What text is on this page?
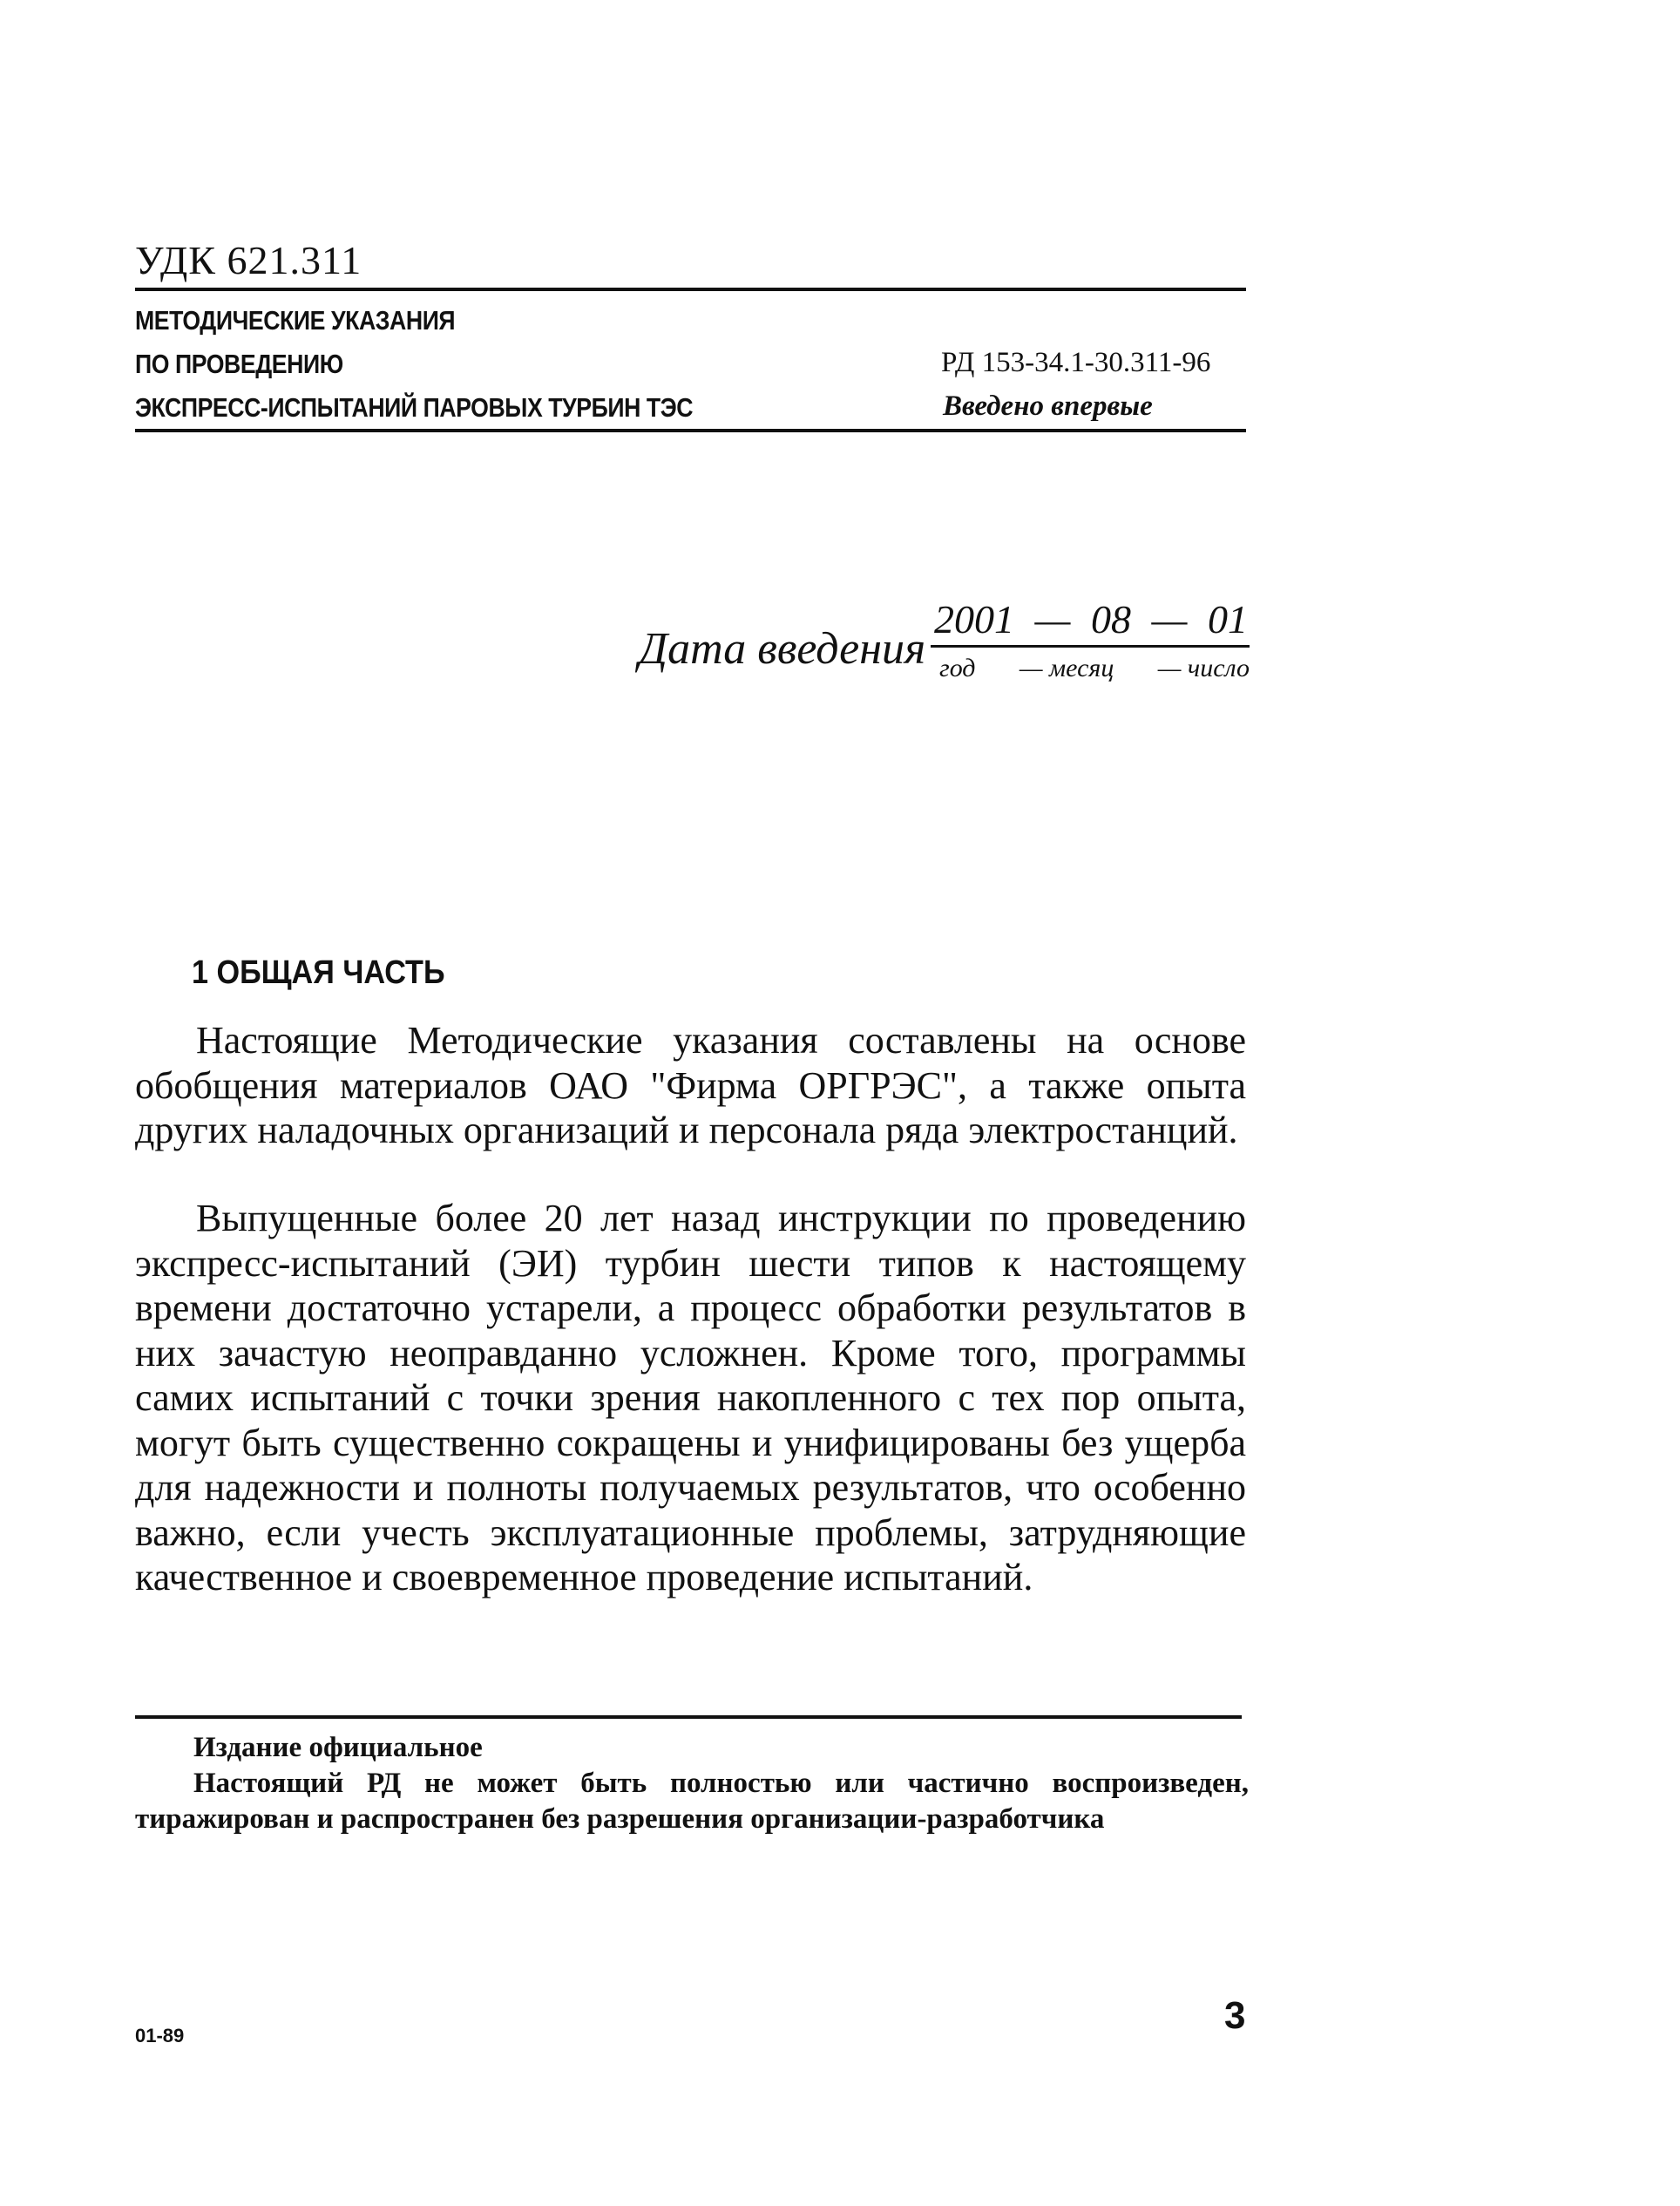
УДК 621.311
МЕТОДИЧЕСКИЕ УКАЗАНИЯ
ПО ПРОВЕДЕНИЮ
ЭКСПРЕСС-ИСПЫТАНИЙ ПАРОВЫХ ТУРБИН ТЭС
РД 153-34.1-30.311-96
Введено впервые
Дата введения
2001 — 08 — 01
год — месяц — число
1 ОБЩАЯ ЧАСТЬ

Настоящие Методические указания составлены на основе обобщения материалов ОАО "Фирма ОРГРЭС", а также опыта других наладочных организаций и персонала ряда электростанций.

Выпущенные более 20 лет назад инструкции по проведению экспресс-испытаний (ЭИ) турбин шести типов к настоящему времени достаточно устарели, а процесс обработки результатов в них зачастую неоправданно усложнен. Кроме того, программы самих испытаний с точки зрения накопленного с тех пор опыта, могут быть существенно сокращены и унифицированы без ущерба для надежности и полноты получаемых результатов, что особенно важно, если учесть эксплуатационные проблемы, затрудняющие качественное и своевременное проведение испытаний.

Издание официальное
Настоящий РД не может быть полностью или частично воспроизведен, тиражирован и распространен без разрешения организации-разработчика
01-89	3
